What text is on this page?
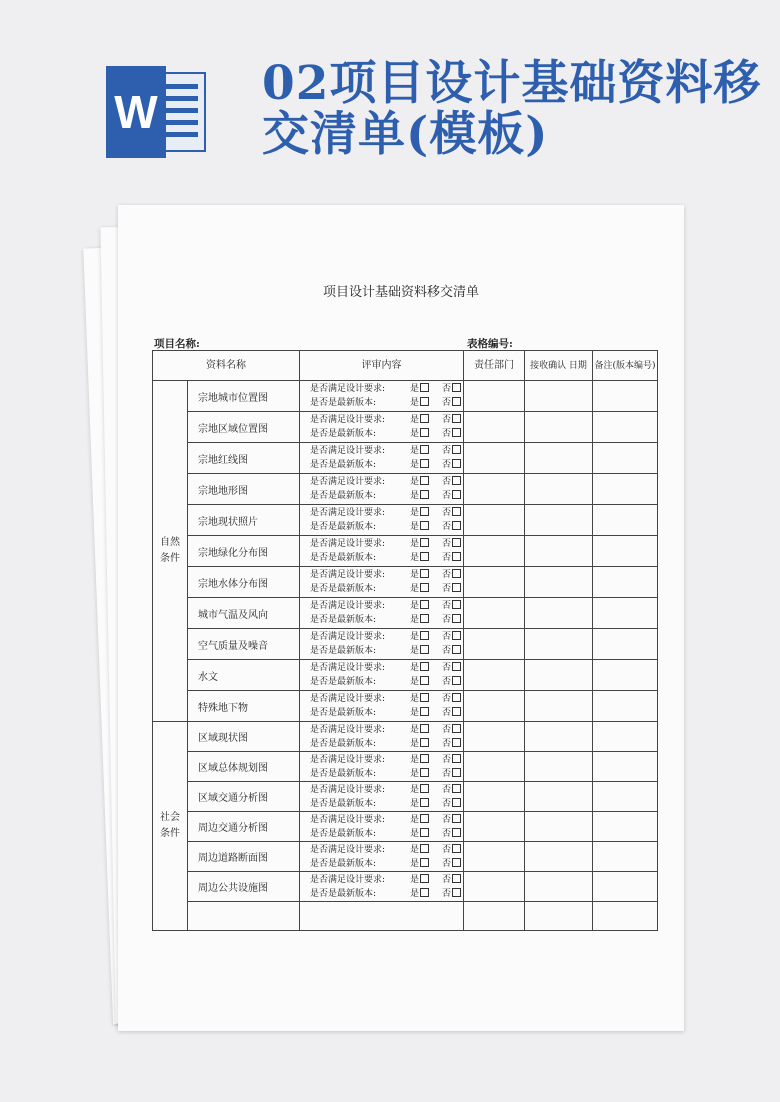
W
02项目设计基础资料移交清单(模板)
项目设计基础资料移交清单
项目名称:	表格编号:
资料名称		评审内容	责任部门	接收确认 日期	备注(版本编号)
自然条件	宗地城市位置图	是否满足设计要求: 是 否
是否是最新版本: 是 否			

	宗地区域位置图	是否满足设计要求: 是 否
是否是最新版本: 是 否			

	宗地红线图	是否满足设计要求: 是 否
是否是最新版本: 是 否			

	宗地地形图	是否满足设计要求: 是 否
是否是最新版本: 是 否			

	宗地现状照片	是否满足设计要求: 是 否
是否是最新版本: 是 否			

	宗地绿化分布图	是否满足设计要求: 是 否
是否是最新版本: 是 否			

	宗地水体分布图	是否满足设计要求: 是 否
是否是最新版本: 是 否			

	城市气温及风向	是否满足设计要求: 是 否
是否是最新版本: 是 否			

	空气质量及噪音	是否满足设计要求: 是 否
是否是最新版本: 是 否			

	水文	是否满足设计要求: 是 否
是否是最新版本: 是 否			

	特殊地下物	是否满足设计要求: 是 否
是否是最新版本: 是 否			

社会条件	区域现状图	是否满足设计要求: 是 否
是否是最新版本: 是 否			

	区域总体规划图	是否满足设计要求: 是 否
是否是最新版本: 是 否			

	区域交通分析图	是否满足设计要求: 是 否
是否是最新版本: 是 否			

	周边交通分析图	是否满足设计要求: 是 否
是否是最新版本: 是 否			

	周边道路断面图	是否满足设计要求: 是 否
是否是最新版本: 是 否			

	周边公共设施图	是否满足设计要求: 是 否
是否是最新版本: 是 否			
